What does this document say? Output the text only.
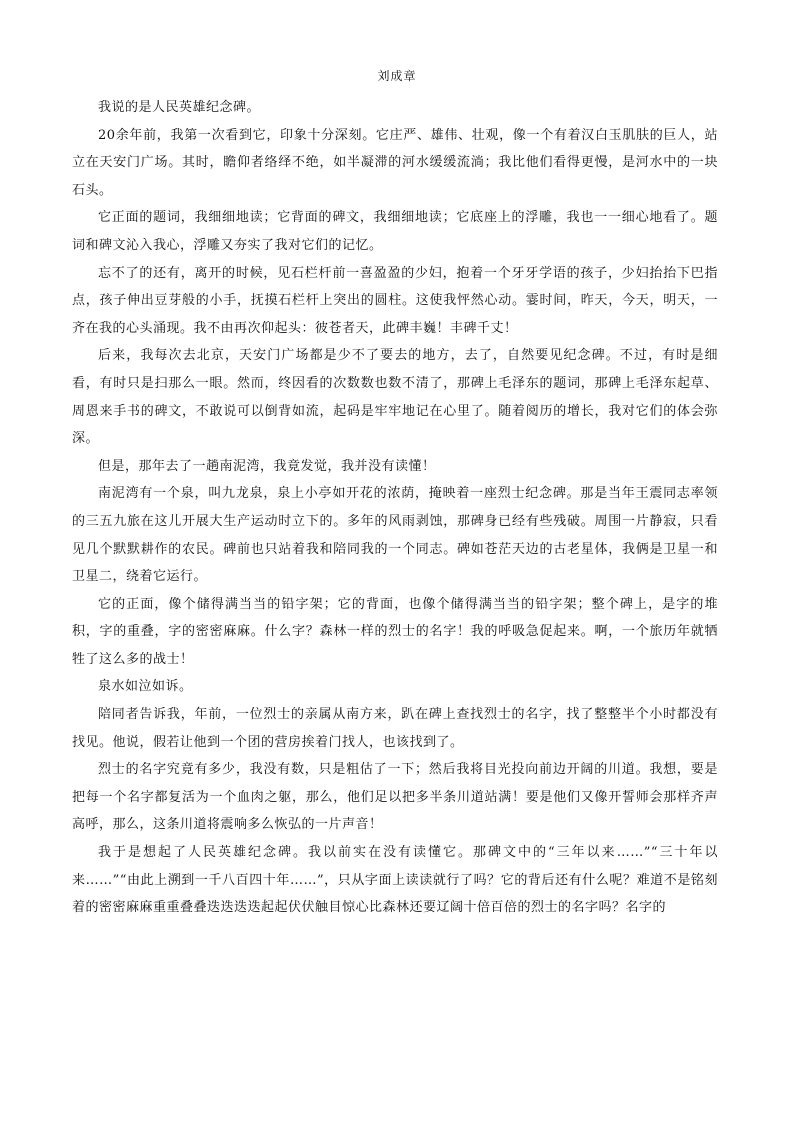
刘成章

我说的是人民英雄纪念碑。

20余年前，我第一次看到它，印象十分深刻。它庄严、雄伟、壮观，像一个有着汉白玉肌肤的巨人，站立在天安门广场。其时，瞻仰者络绎不绝，如半凝滞的河水缓缓流淌；我比他们看得更慢，是河水中的一块石头。

它正面的题词，我细细地读；它背面的碑文，我细细地读；它底座上的浮雕，我也一一细心地看了。题词和碑文沁入我心，浮雕又夯实了我对它们的记忆。

忘不了的还有，离开的时候，见石栏杆前一喜盈盈的少妇，抱着一个牙牙学语的孩子，少妇抬抬下巴指点，孩子伸出豆芽般的小手，抚摸石栏杆上突出的圆柱。这使我怦然心动。霎时间，昨天，今天，明天，一齐在我的心头涌现。我不由再次仰起头：彼苍者天，此碑丰巍！丰碑千丈！

后来，我每次去北京，天安门广场都是少不了要去的地方，去了，自然要见纪念碑。不过，有时是细看，有时只是扫那么一眼。然而，终因看的次数数也数不清了，那碑上毛泽东的题词，那碑上毛泽东起草、周恩来手书的碑文，不敢说可以倒背如流，起码是牢牢地记在心里了。随着阅历的增长，我对它们的体会弥深。

但是，那年去了一趟南泥湾，我竟发觉，我并没有读懂！

南泥湾有一个泉，叫九龙泉，泉上小亭如开花的浓荫，掩映着一座烈士纪念碑。那是当年王震同志率领的三五九旅在这儿开展大生产运动时立下的。多年的风雨剥蚀，那碑身已经有些残破。周围一片静寂，只看见几个默默耕作的农民。碑前也只站着我和陪同我的一个同志。碑如苍茫天边的古老星体，我俩是卫星一和卫星二，绕着它运行。

它的正面，像个储得满当当的铅字架；它的背面，也像个储得满当当的铅字架；整个碑上，是字的堆积，字的重叠，字的密密麻麻。什么字？森林一样的烈士的名字！我的呼吸急促起来。啊，一个旅历年就牺牲了这么多的战士！

泉水如泣如诉。

陪同者告诉我，年前，一位烈士的亲属从南方来，趴在碑上查找烈士的名字，找了整整半个小时都没有找见。他说，假若让他到一个团的营房挨着门找人，也该找到了。

烈士的名字究竟有多少，我没有数，只是粗估了一下；然后我将目光投向前边开阔的川道。我想，要是把每一个名字都复活为一个血肉之躯，那么，他们足以把多半条川道站满！要是他们又像开誓师会那样齐声高呼，那么，这条川道将震响多么恢弘的一片声音！

我于是想起了人民英雄纪念碑。我以前实在没有读懂它。那碑文中的“三年以来……”“三十年以来……”“由此上溯到一千八百四十年……”，只从字面上读读就行了吗？它的背后还有什么呢？难道不是铭刻着的密密麻麻重重叠叠迭迭迭迭起起伏伏触目惊心比森林还要辽阔十倍百倍的烈士的名字吗？名字的
